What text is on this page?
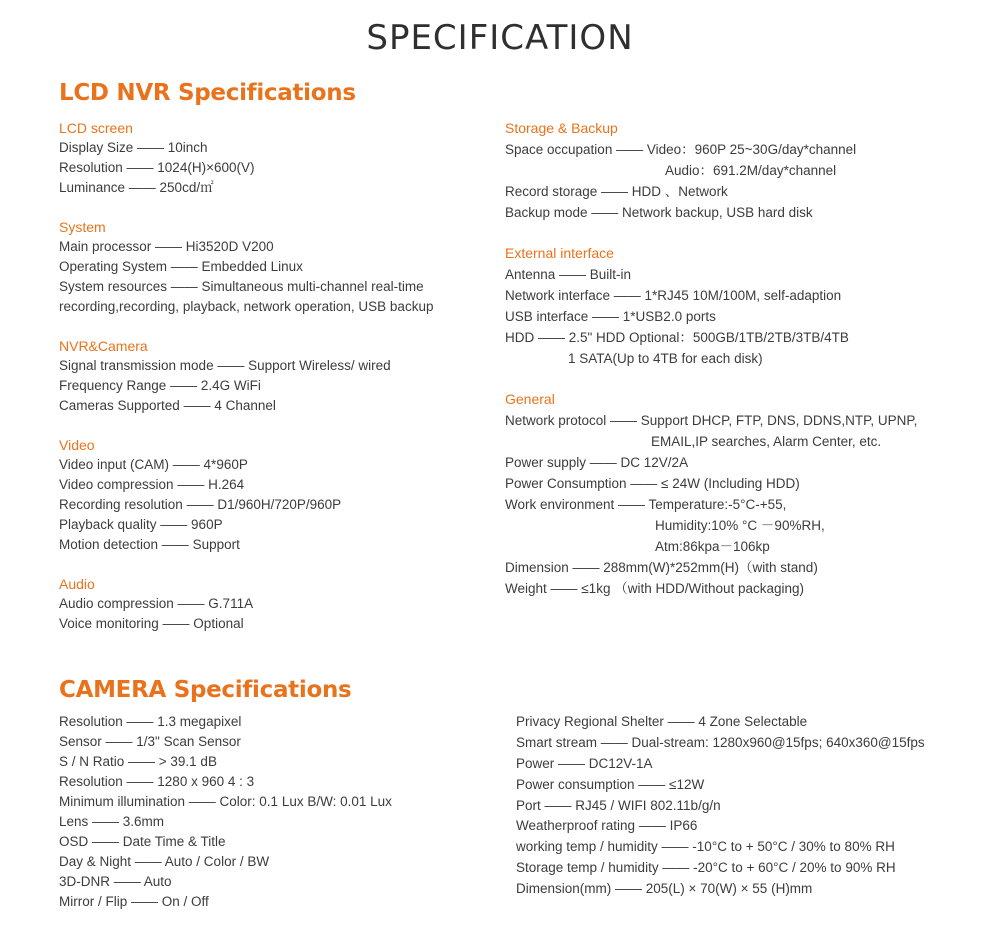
SPECIFICATION
LCD NVR Specifications
LCD screen
Display Size —— 10inch
Resolution —— 1024(H)×600(V)
Luminance —— 250cd/㎡
System
Main processor —— Hi3520D V200
Operating System —— Embedded Linux
System resources —— Simultaneous multi-channel real-time
recording,recording, playback, network operation, USB backup
NVR&Camera
Signal transmission mode —— Support Wireless/ wired
Frequency Range —— 2.4G WiFi
Cameras Supported —— 4 Channel
Video
Video input (CAM) —— 4*960P
Video compression —— H.264
Recording resolution —— D1/960H/720P/960P
Playback quality —— 960P
Motion detection —— Support
Audio
Audio compression —— G.711A
Voice monitoring —— Optional
Storage & Backup
Space occupation —— Video：960P 25~30G/day*channel
Audio：691.2M/day*channel
Record storage —— HDD 、Network
Backup mode —— Network backup, USB hard disk
External interface
Antenna —— Built-in
Network interface —— 1*RJ45 10M/100M, self-adaption
USB interface —— 1*USB2.0 ports
HDD —— 2.5" HDD Optional：500GB/1TB/2TB/3TB/4TB
1 SATA(Up to 4TB for each disk)
General
Network protocol —— Support DHCP, FTP, DNS, DDNS,NTP, UPNP,
EMAIL,IP searches, Alarm Center, etc.
Power supply —— DC 12V/2A
Power Consumption —— ≤ 24W (Including HDD)
Work environment —— Temperature:-5°C-+55,
Humidity:10% °C －90%RH,
Atm:86kpa－106kp
Dimension —— 288mm(W)*252mm(H)（with stand)
Weight —— ≤1kg （with HDD/Without packaging)
CAMERA Specifications
Resolution —— 1.3 megapixel
Sensor —— 1/3" Scan Sensor
S / N Ratio —— > 39.1 dB
Resolution —— 1280 x 960 4 : 3
Minimum illumination —— Color: 0.1 Lux B/W: 0.01 Lux
Lens —— 3.6mm
OSD —— Date Time & Title
Day & Night —— Auto / Color / BW
3D-DNR —— Auto
Mirror / Flip —— On / Off
Privacy Regional Shelter —— 4 Zone Selectable
Smart stream —— Dual-stream: 1280x960@15fps; 640x360@15fps
Power —— DC12V-1A
Power consumption —— ≤12W
Port —— RJ45 / WIFI 802.11b/g/n
Weatherproof rating —— IP66
working temp / humidity —— -10°C to + 50°C / 30% to 80% RH
Storage temp / humidity —— -20°C to + 60°C / 20% to 90% RH
Dimension(mm) —— 205(L) × 70(W) × 55 (H)mm
